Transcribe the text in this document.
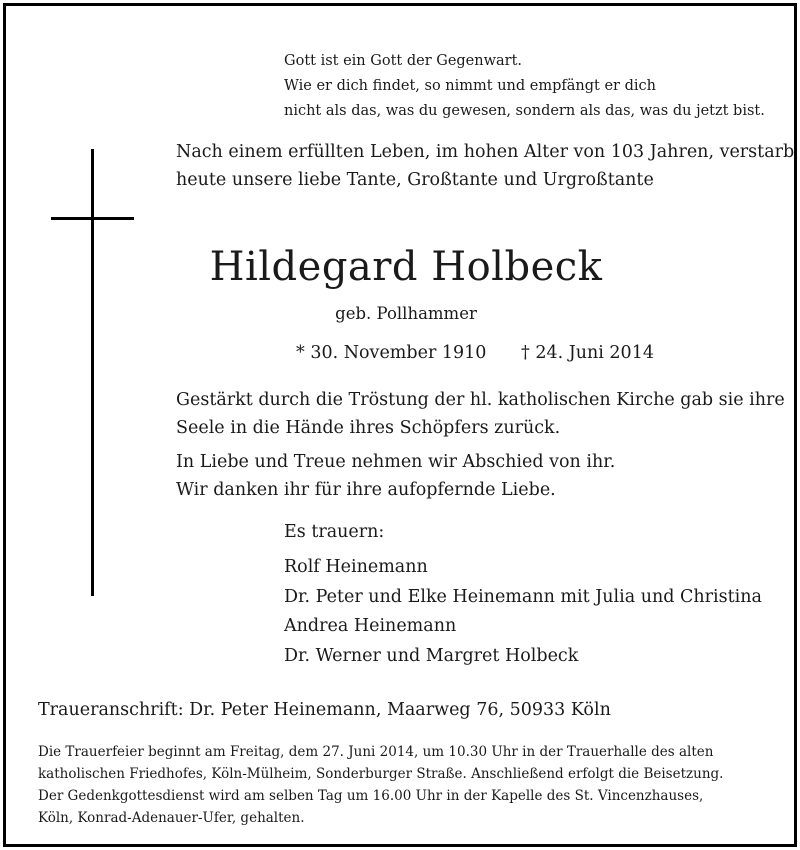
Gott ist ein Gott der Gegenwart.
Wie er dich findet, so nimmt und empfängt er dich
nicht als das, was du gewesen, sondern als das, was du jetzt bist.
Nach einem erfüllten Leben, im hohen Alter von 103 Jahren, verstarb
heute unsere liebe Tante, Großtante und Urgroßtante
Hildegard Holbeck
geb. Pollhammer
* 30. November 1910 † 24. Juni 2014
Gestärkt durch die Tröstung der hl. katholischen Kirche gab sie ihre
Seele in die Hände ihres Schöpfers zurück.
In Liebe und Treue nehmen wir Abschied von ihr.
Wir danken ihr für ihre aufopfernde Liebe.
Es trauern:
Rolf Heinemann
Dr. Peter und Elke Heinemann mit Julia und Christina
Andrea Heinemann
Dr. Werner und Margret Holbeck
Traueranschrift: Dr. Peter Heinemann, Maarweg 76, 50933 Köln
Die Trauerfeier beginnt am Freitag, dem 27. Juni 2014, um 10.30 Uhr in der Trauerhalle des alten
katholischen Friedhofes, Köln-Mülheim, Sonderburger Straße. Anschließend erfolgt die Beisetzung.
Der Gedenkgottesdienst wird am selben Tag um 16.00 Uhr in der Kapelle des St. Vincenzhauses,
Köln, Konrad-Adenauer-Ufer, gehalten.
